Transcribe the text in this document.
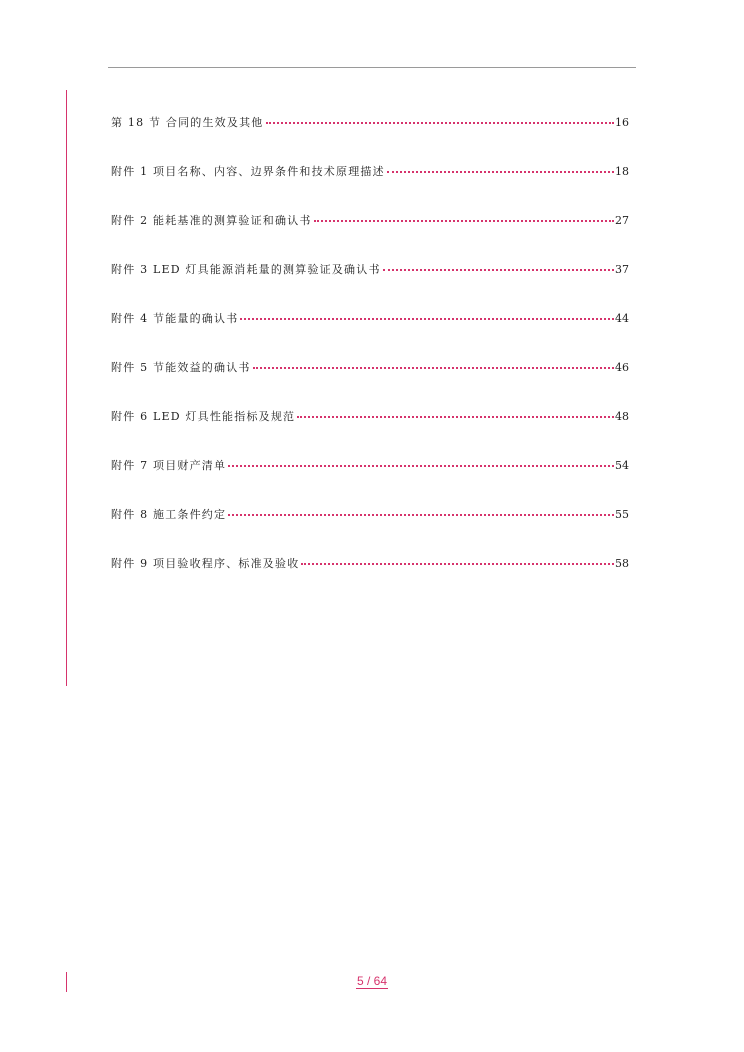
第 18 节 合同的生效及其他	16
附件 1 项目名称、内容、边界条件和技术原理描述	18
附件 2 能耗基准的测算验证和确认书	27
附件 3 LED 灯具能源消耗量的测算验证及确认书	37
附件 4 节能量的确认书	44
附件 5 节能效益的确认书	46
附件 6 LED 灯具性能指标及规范	48
附件 7 项目财产清单	54
附件 8 施工条件约定	55
附件 9 项目验收程序、标准及验收	58
5 / 64
